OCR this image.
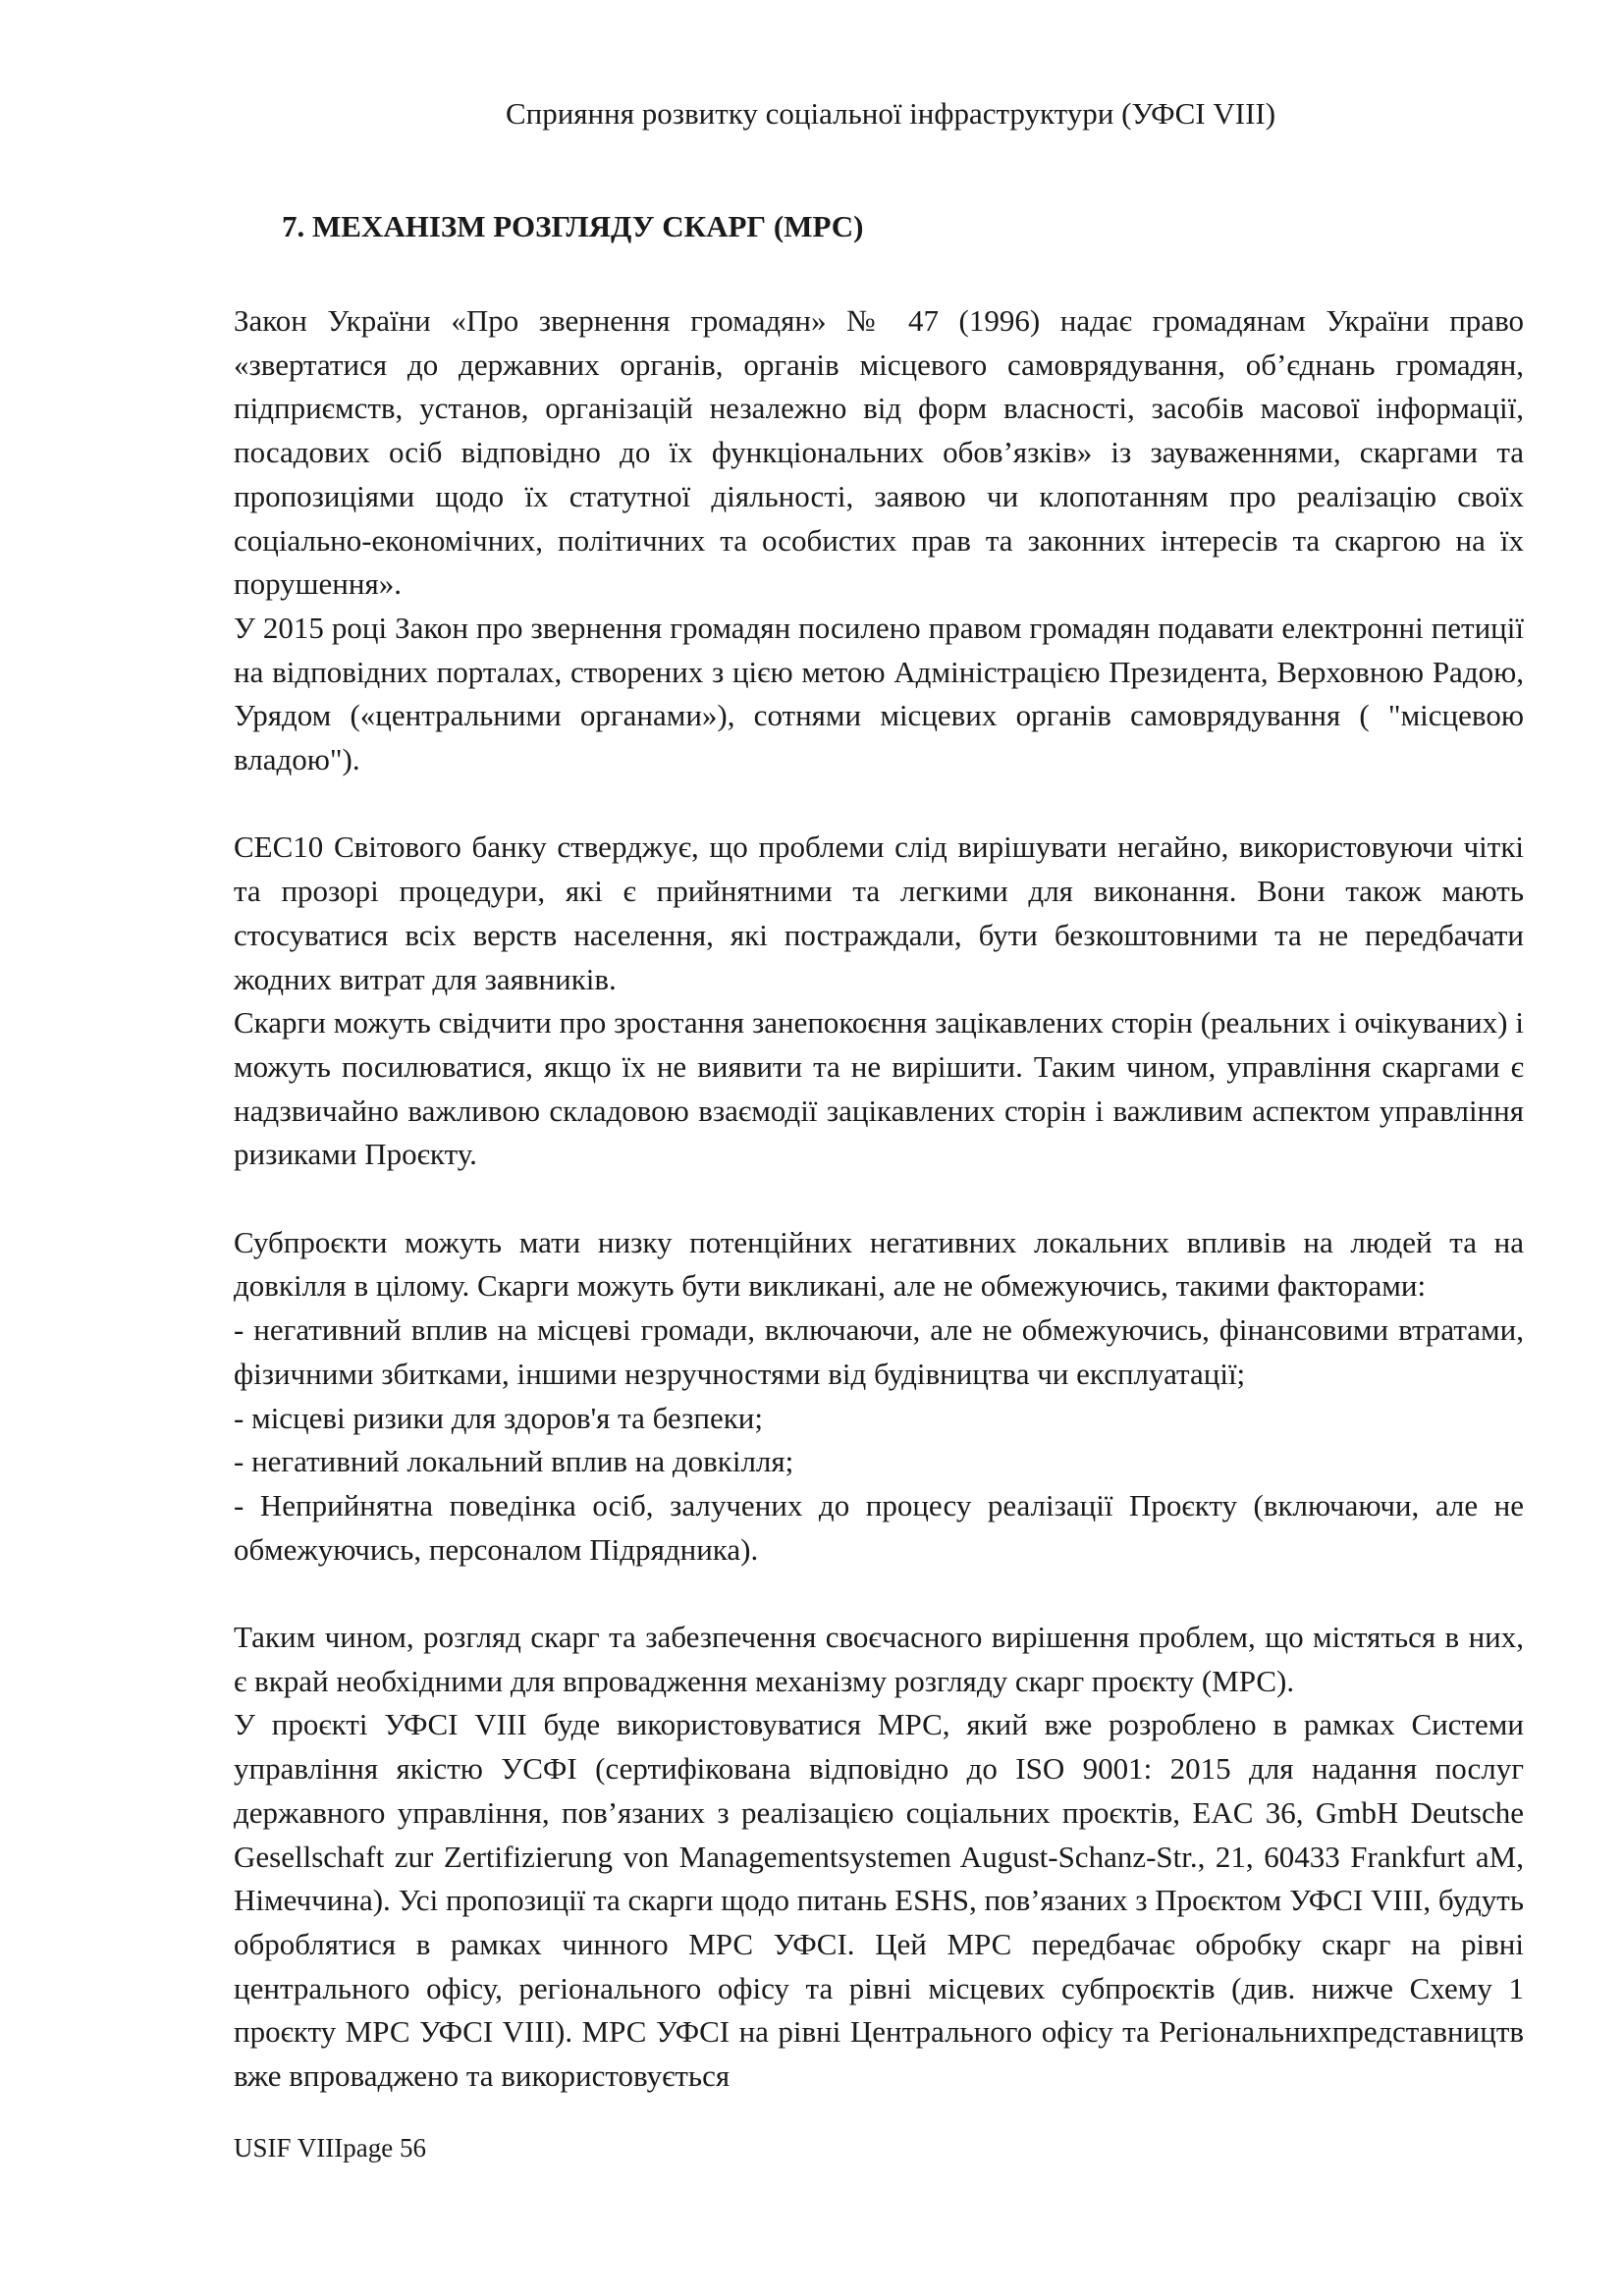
Сприяння розвитку соціальної інфраструктури (УФСІ VIII)
7. МЕХАНІЗМ РОЗГЛЯДУ СКАРГ (МРС)

Закон України «Про звернення громадян» № 47 (1996) надає громадянам України право «звертатися до державних органів, органів місцевого самоврядування, об’єднань громадян, підприємств, установ, організацій незалежно від форм власності, засобів масової інформації, посадових осіб відповідно до їх функціональних обов’язків» із зауваженнями, скаргами та пропозиціями щодо їх статутної діяльності, заявою чи клопотанням про реалізацію своїх соціально-економічних, політичних та особистих прав та законних інтересів та скаргою на їх порушення».

У 2015 році Закон про звернення громадян посилено правом громадян подавати електронні петиції на відповідних порталах, створених з цією метою Адміністрацією Президента, Верховною Радою, Урядом («центральними органами»), сотнями місцевих органів самоврядування ( "місцевою владою").

СЕС10 Світового банку стверджує, що проблеми слід вирішувати негайно, використовуючи чіткі та прозорі процедури, які є прийнятними та легкими для виконання. Вони також мають стосуватися всіх верств населення, які постраждали, бути безкоштовними та не передбачати жодних витрат для заявників.

Скарги можуть свідчити про зростання занепокоєння зацікавлених сторін (реальних і очікуваних) і можуть посилюватися, якщо їх не виявити та не вирішити. Таким чином, управління скаргами є надзвичайно важливою складовою взаємодії зацікавлених сторін і важливим аспектом управління ризиками Проєкту.

Субпроєкти можуть мати низку потенційних негативних локальних впливів на людей та на довкілля в цілому. Скарги можуть бути викликані, але не обмежуючись, такими факторами:

- негативний вплив на місцеві громади, включаючи, але не обмежуючись, фінансовими втратами, фізичними збитками, іншими незручностями від будівництва чи експлуатації;

- місцеві ризики для здоров'я та безпеки;

- негативний локальний вплив на довкілля;

- Неприйнятна поведінка осіб, залучених до процесу реалізації Проєкту (включаючи, але не обмежуючись, персоналом Підрядника).

Таким чином, розгляд скарг та забезпечення своєчасного вирішення проблем, що містяться в них, є вкрай необхідними для впровадження механізму розгляду скарг проєкту (МРС).

У проєкті УФСІ VIII буде використовуватися МРС, який вже розроблено в рамках Системи управління якістю УСФІ (сертифікована відповідно до ISO 9001: 2015 для надання послуг державного управління, пов’язаних з реалізацією соціальних проєктів, EAC 36, GmbH Deutsche Gesellschaft zur Zertifizierung von Managementsystemen August-Schanz-Str., 21, 60433 Frankfurt aM, Німеччина). Усі пропозиції та скарги щодо питань ESHS, пов’язаних з Проєктом УФСІ VIII, будуть оброблятися в рамках чинного МРС УФСІ. Цей МРС передбачає обробку скарг на рівні центрального офісу, регіонального офісу та рівні місцевих субпроєктів (див. нижче Схему 1 проєкту МРС УФСІ VIII). МРС УФСІ на рівні Центрального офісу та Регіональнихпредставництв вже впроваджено та використовується

USIF VIIIpage 56
